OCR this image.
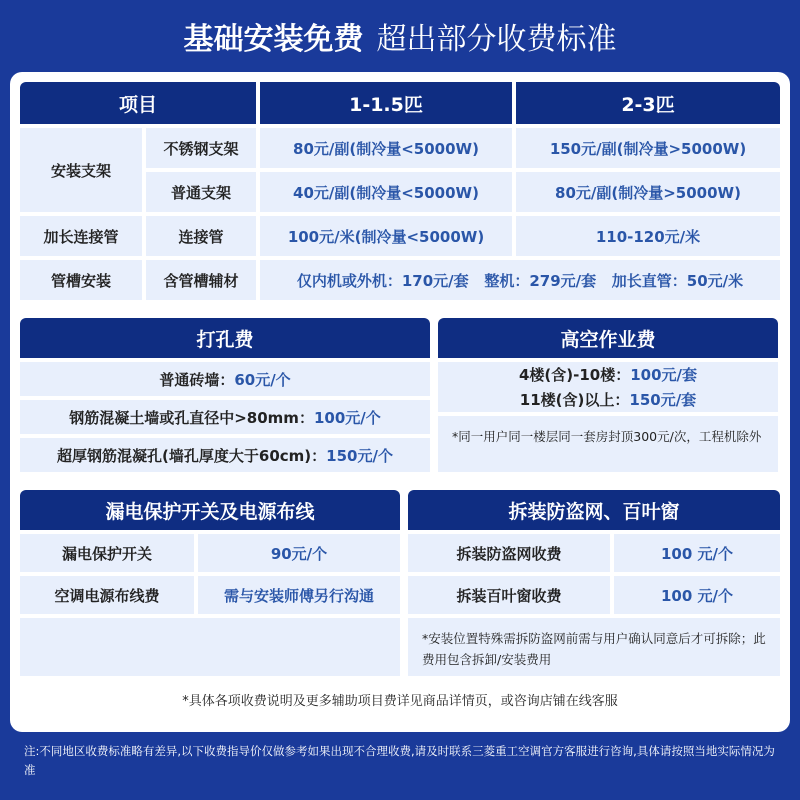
基础安装免费 超出部分收费标准
项目	1-1.5匹	2-3匹
安装支架
不锈钢支架	80元/副(制冷量<5000W)	150元/副(制冷量>5000W)
普通支架	40元/副(制冷量<5000W)	80元/副(制冷量>5000W)
加长连接管	连接管	100元/米(制冷量<5000W)	110-120元/米
管槽安装	含管槽辅材	仅内机或外机：170元/套   整机：279元/套   加长直管：50元/米
打孔费
普通砖墙： 60元/个
钢筋混凝土墙或孔直径中>80mm： 100元/个
超厚钢筋混凝孔(墙孔厚度大于60cm)： 150元/个
高空作业费
4楼(含)-10楼：100元/套
11楼(含)以上：150元/套
*同一用户同一楼层同一套房封顶300元/次，工程机除外
漏电保护开关及电源布线
漏电保护开关	90元/个
空调电源布线费	需与安装师傅另行沟通
拆装防盗网、百叶窗
拆装防盗网收费	100 元/个
拆装百叶窗收费	100 元/个
*安装位置特殊需拆防盗网前需与用户确认同意后才可拆除；此费用包含拆卸/安装费用
*具体各项收费说明及更多辅助项目费详见商品详情页，或咨询店铺在线客服
注:不同地区收费标准略有差异,以下收费指导价仅做参考如果出现不合理收费,请及时联系三菱重工空调官方客服进行咨询,具体请按照当地实际情况为准
